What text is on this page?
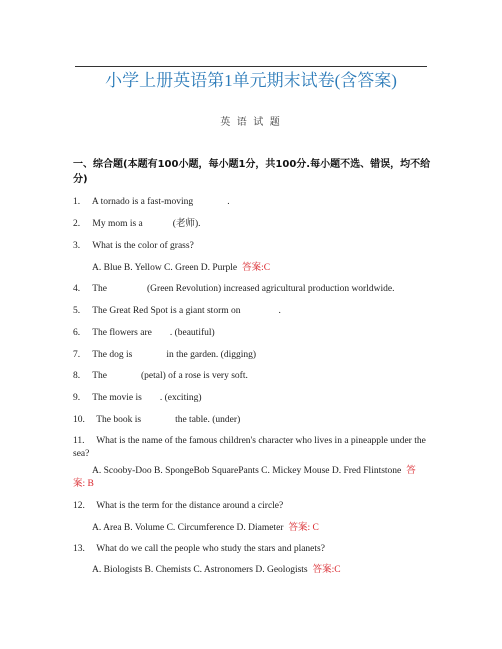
小学上册英语第1单元期末试卷(含答案)
英 语 试 题
一、综合题(本题有100小题，每小题1分，共100分.每小题不选、错误，均不给分)
1. A tornado is a fast-moving	.
2. My mom is a	(老师).
3. What is the color of grass?
A. Blue B. Yellow C. Green D. Purple 答案:C
4. The	(Green Revolution) increased agricultural production worldwide.
5. The Great Red Spot is a giant storm on	.
6. The flowers are . (beautiful)
7. The dog is	in the garden. (digging)
8. The	(petal) of a rose is very soft.
9. The movie is . (exciting)
10. The book is	the table. (under)
11. What is the name of the famous children's character who lives in a pineapple under the sea?
A. Scooby-Doo B. SpongeBob SquarePants C. Mickey Mouse D. Fred Flintstone 答案: B
12. What is the term for the distance around a circle?
A. Area B. Volume C. Circumference D. Diameter 答案: C
13. What do we call the people who study the stars and planets?
A. Biologists B. Chemists C. Astronomers D. Geologists 答案:C
